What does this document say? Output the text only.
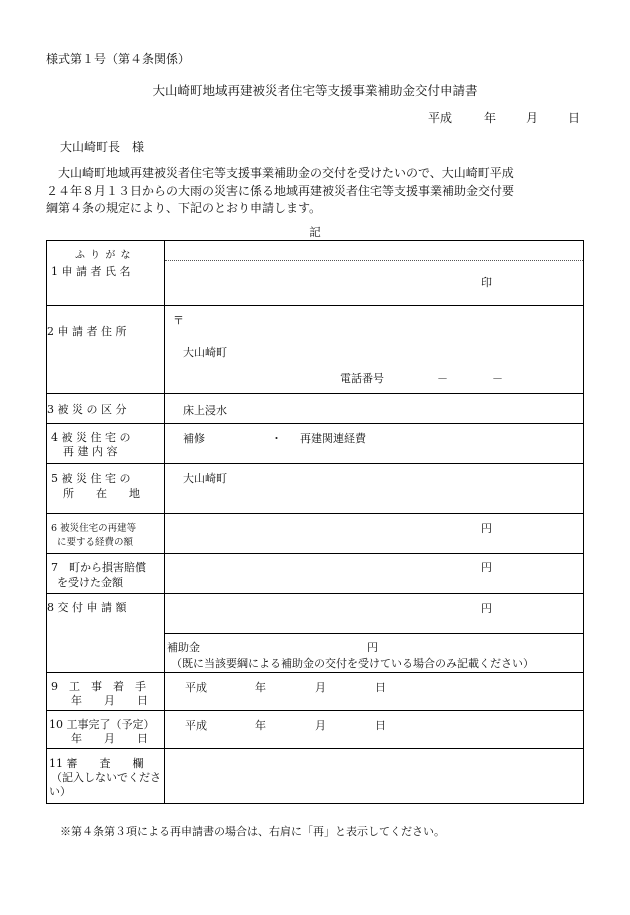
様式第１号（第４条関係）
大山崎町地域再建被災者住宅等支援事業補助金交付申請書
平成	年	月	日
大山崎町長　様
大山崎町地域再建被災者住宅等支援事業補助金の交付を受けたいので、大山崎町平成
２４年８月１３日からの大雨の災害に係る地域再建被災者住宅等支援事業補助金交付要
綱第４条の規定により、下記のとおり申請します。
記
ふ り が な
1 申 請 者 氏 名	印

2 申 請 者 住 所	〒
大山崎町
電話番号 － －

3 被 災 の 区 分	床上浸水

4 被 災 住 宅 の
再 建 内 容	補修 ・ 再建関連経費

5 被 災 住 宅 の
所　　在　　地	大山崎町

6 被災住宅の再建等
に要する経費の額	円

7　町から損害賠償
を受けた金額	円

8 交 付 申 請 額	円
補助金 円
（既に当該要綱による補助金の交付を受けている場合のみ記載ください）

9　工　事　着　手
年　　月　　日	平成 年 月 日

10 工事完了（予定）
年　　月　　日	平成 年 月 日

11 審　　査　　欄
（記入しないでくださ
い）	

※第４条第３項による再申請書の場合は、右肩に「再」と表示してください。
